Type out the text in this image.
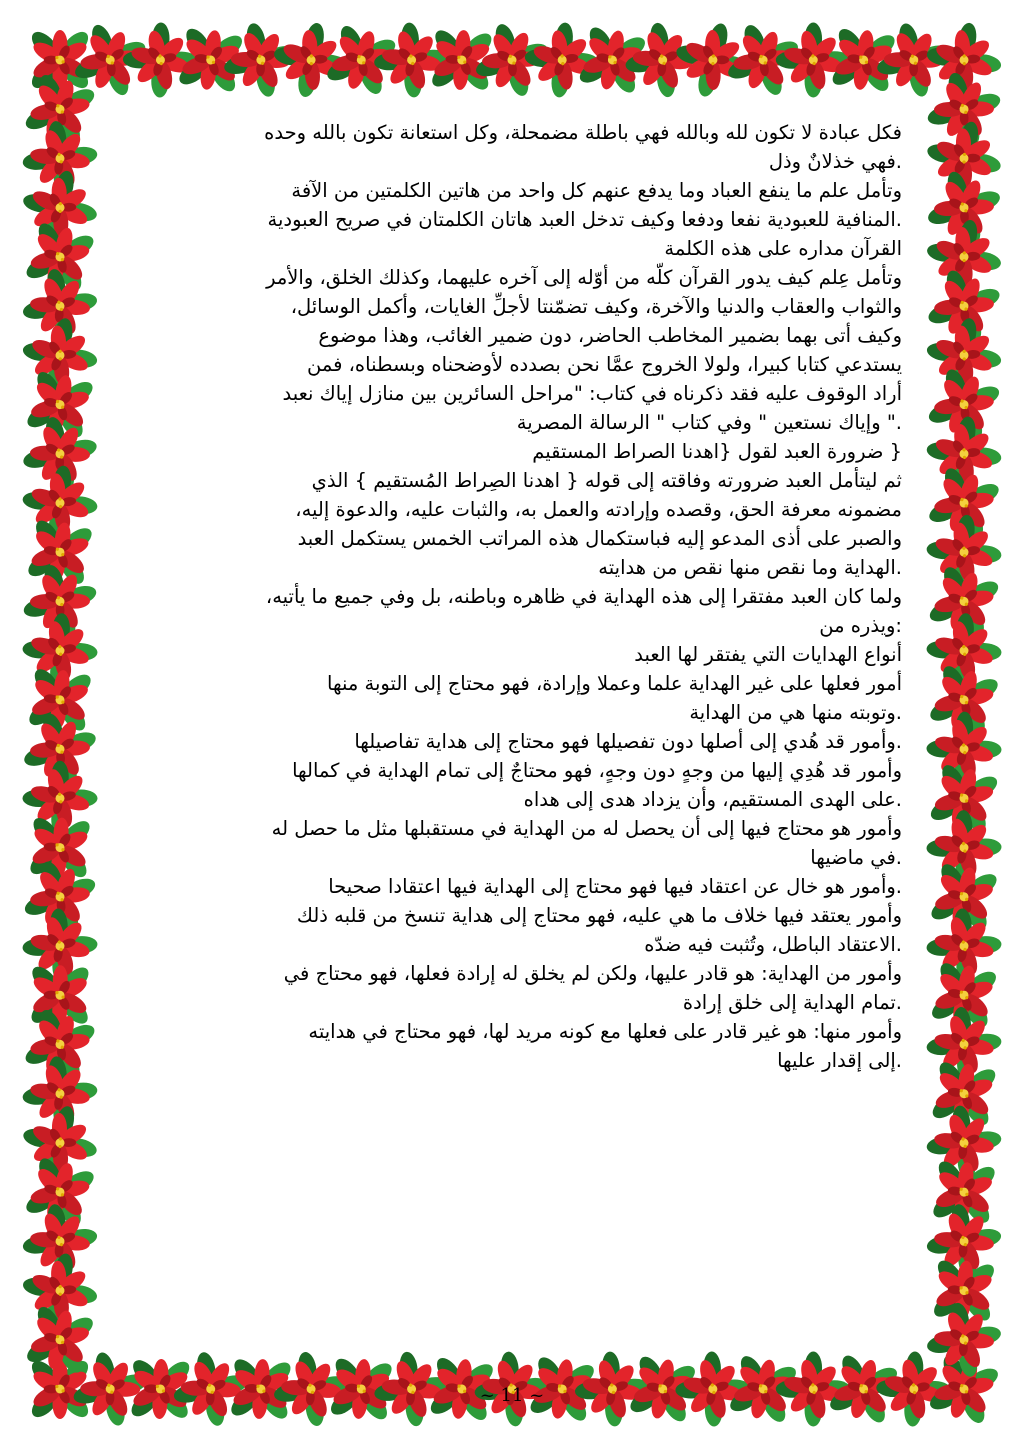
فكل عبادة لا تكون لله وبالله فهي باطلة مضمحلة، وكل استعانة تكون بالله وحده
.فهي خذلانٌ وذل
وتأمل علم ما ينفع العباد وما يدفع عنهم كل واحد من هاتين الكلمتين من الآفة
.المنافية للعبودية نفعا ودفعا وكيف تدخل العبد هاتان الكلمتان في صريح العبودية
القرآن مداره على هذه الكلمة
وتأمل عِلم كيف يدور القرآن كلّه من أوّله إلى آخره عليهما، وكذلك الخلق، والأمر
والثواب والعقاب والدنيا والآخرة، وكيف تضمّنتا لأجلِّ الغايات، وأكمل الوسائل،
وكيف أتى بهما بضمير المخاطب الحاضر، دون ضمير الغائب، وهذا موضوع
يستدعي كتابا كبيرا، ولولا الخروج عمَّا نحن بصدده لأوضحناه وبسطناه، فمن
أراد الوقوف عليه فقد ذكرناه في كتاب: "مراحل السائرين بين منازل إياك نعبد
." وإياك نستعين " وفي كتاب " الرسالة المصرية
{ ضرورة العبد لقول {اهدنا الصراط المستقيم
ثم ليتأمل العبد ضرورته وفاقته إلى قوله { اهدنا الصِراط المُستقيم } الذي
مضمونه معرفة الحق، وقصده وإرادته والعمل به، والثبات عليه، والدعوة إليه،
والصبر على أذى المدعو إليه فباستكمال هذه المراتب الخمس يستكمل العبد
.الهداية وما نقص منها نقص من هدايته
ولما كان العبد مفتقرا إلى هذه الهداية في ظاهره وباطنه، بل وفي جميع ما يأتيه،
:ويذره من
أنواع الهدايات التي يفتقر لها العبد
أمور فعلها على غير الهداية علما وعملا وإرادة، فهو محتاج إلى التوبة منها
.وتوبته منها هي من الهداية
.وأمور قد هُدي إلى أصلها دون تفصيلها فهو محتاج إلى هداية تفاصيلها
وأمور قد هُدِي إليها من وجهٍ دون وجهٍ، فهو محتاجٌ إلى تمام الهداية في كمالها
.على الهدى المستقيم، وأن يزداد هدى إلى هداه
وأمور هو محتاج فيها إلى أن يحصل له من الهداية في مستقبلها مثل ما حصل له
.في ماضيها
.وأمور هو خال عن اعتقاد فيها فهو محتاج إلى الهداية فيها اعتقادا صحيحا
وأمور يعتقد فيها خلاف ما هي عليه، فهو محتاج إلى هداية تنسخ من قلبه ذلك
.الاعتقاد الباطل، وتُثبت فيه ضدّه
وأمور من الهداية: هو قادر عليها، ولكن لم يخلق له إرادة فعلها، فهو محتاج في
.تمام الهداية إلى خلق إرادة
وأمور منها: هو غير قادر على فعلها مع كونه مريد لها، فهو محتاج في هدايته
.إلى إقدار عليها
~ 11 ~
